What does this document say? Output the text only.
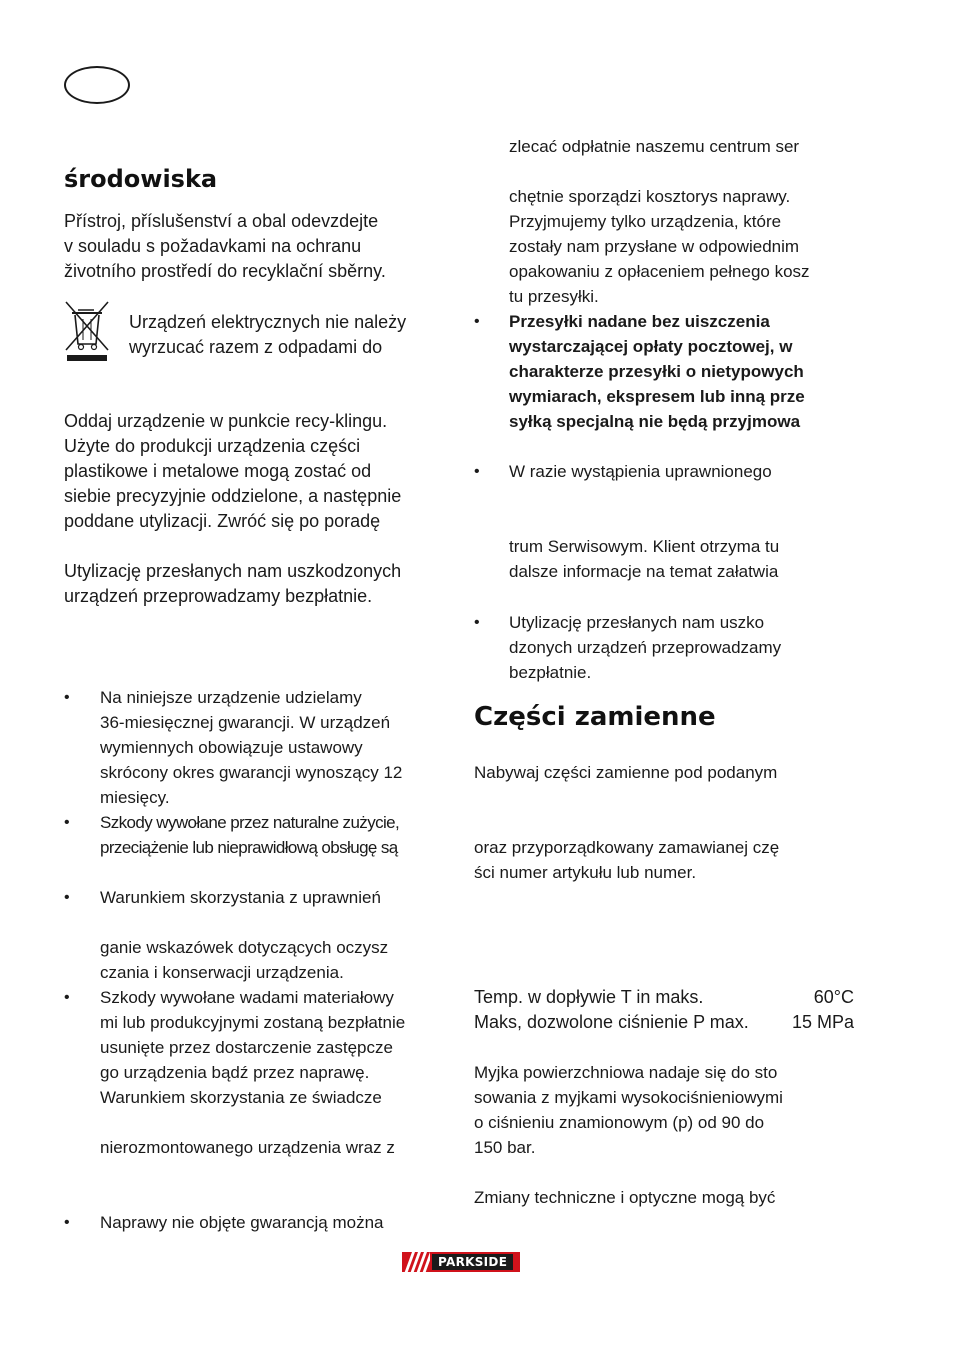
środowiska
Přístroj, příslušenství a obal odevzdejte
v souladu s požadavkami na ochranu
životního prostředí do recyklační sběrny.
Urządzeń elektrycznych nie należy
wyrzucać razem z odpadami do
Oddaj urządzenie w punkcie recy-klingu.
Użyte do produkcji urządzenia części
plastikowe i metalowe mogą zostać od
siebie precyzyjnie oddzielone, a następnie
poddane utylizacji. Zwróć się po poradę
Utylizację przesłanych nam uszkodzonych
urządzeń przeprowadzamy bezpłatnie.
• Na niniejsze urządzenie udzielamy
36-miesięcznej gwarancji. W urządzeń
wymiennych obowiązuje ustawowy
skrócony okres gwarancji wynoszący 12
miesięcy.
• Szkody wywołane przez naturalne zużycie,
przeciążenie lub nieprawidłową obsługę są
• Warunkiem skorzystania z uprawnień
ganie wskazówek dotyczących oczysz
czania i konserwacji urządzenia.
• Szkody wywołane wadami materiałowy
mi lub produkcyjnymi zostaną bezpłatnie
usunięte przez dostarczenie zastępcze
go urządzenia bądź przez naprawę.
Warunkiem skorzystania ze świadcze
nierozmontowanego urządzenia wraz z
• Naprawy nie objęte gwarancją można
zlecać odpłatnie naszemu centrum ser
chętnie sporządzi kosztorys naprawy.
Przyjmujemy tylko urządzenia, które
zostały nam przysłane w odpowiednim
opakowaniu z opłaceniem pełnego kosz
tu przesyłki.
• Przesyłki nadane bez uiszczenia
wystarczającej opłaty pocztowej, w
charakterze przesyłki o nietypowych
wymiarach, ekspresem lub inną prze
syłką specjalną nie będą przyjmowa
• W razie wystąpienia uprawnionego
trum Serwisowym. Klient otrzyma tu
dalsze informacje na temat załatwia
• Utylizację przesłanych nam uszko
dzonych urządzeń przeprowadzamy
bezpłatnie.
Części zamienne
Nabywaj części zamienne pod podanym
oraz przyporządkowany zamawianej czę
ści numer artykułu lub numer.
Temp. w dopływie T in maks.	60°C
Maks, dozwolone ciśnienie P max. 15 MPa
Myjka powierzchniowa nadaje się do sto
sowania z myjkami wysokociśnieniowymi
o ciśnieniu znamionowym (p) od 90 do
150 bar.
Zmiany techniczne i optyczne mogą być
PARKSIDE
